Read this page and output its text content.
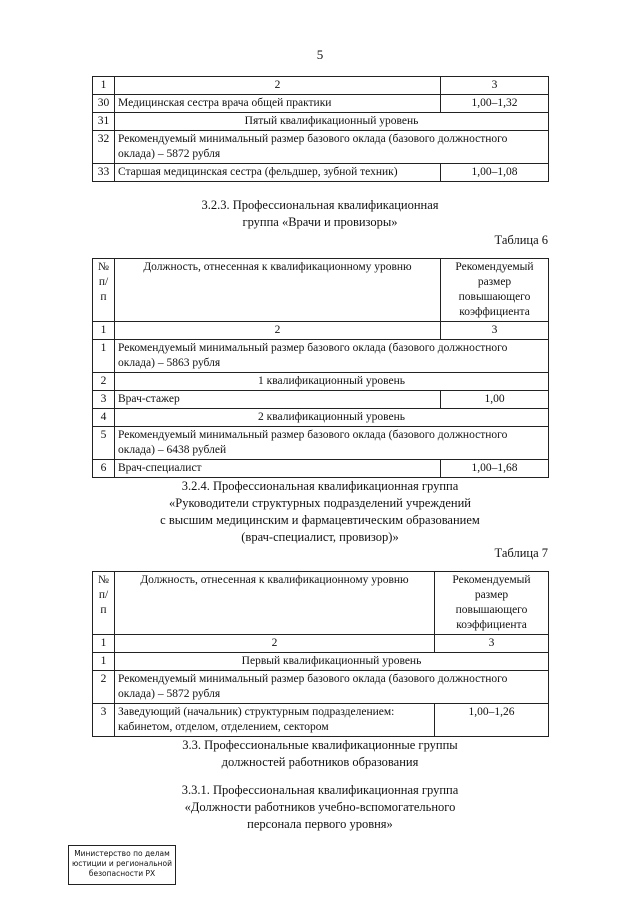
5
1	2	3
30	Медицинская сестра врача общей практики	1,00–1,32
31	Пятый квалификационный уровень	
32	Рекомендуемый минимальный размер базового оклада (базового должностного оклада) – 5872 рубля	
33	Старшая медицинская сестра (фельдшер, зубной техник)	1,00–1,08
3.2.3. Профессиональная квалификационная
группа «Врачи и провизоры»
Таблица 6
№ п/п	Должность, отнесенная к квалификационному уровню	Рекомендуемый размер повышающего коэффициента
1	2	3
1	Рекомендуемый минимальный размер базового оклада (базового должностного оклада) – 5863 рубля	
2	1 квалификационный уровень	
3	Врач-стажер	1,00
4	2 квалификационный уровень	
5	Рекомендуемый минимальный размер базового оклада (базового должностного оклада) – 6438 рублей	
6	Врач-специалист	1,00–1,68
3.2.4. Профессиональная квалификационная группа
«Руководители структурных подразделений учреждений
с высшим медицинским и фармацевтическим образованием
(врач-специалист, провизор)»
Таблица 7
№ п/п	Должность, отнесенная к квалификационному уровню	Рекомендуемый размер повышающего коэффициента
1	2	3
1	Первый квалификационный уровень	
2	Рекомендуемый минимальный размер базового оклада (базового должностного оклада) – 5872 рубля	
3	Заведующий (начальник) структурным подразделением: кабинетом, отделом, отделением, сектором	1,00–1,26
3.3. Профессиональные квалификационные группы
должностей работников образования
3.3.1. Профессиональная квалификационная группа
«Должности работников учебно-вспомогательного
персонала первого уровня»
Министерство по делам
юстиции и региональной
безопасности РХ
